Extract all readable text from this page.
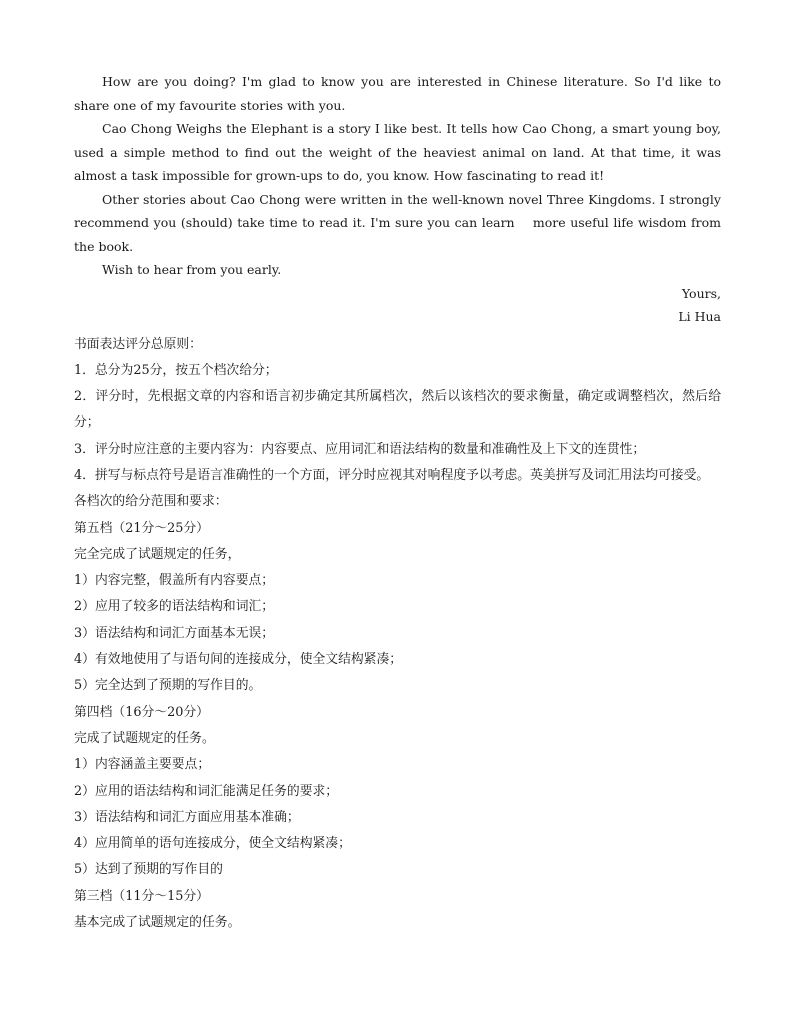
How are you doing? I'm glad to know you are interested in Chinese literature. So I'd like to share one of my favourite stories with you.

Cao Chong Weighs the Elephant is a story I like best. It tells how Cao Chong, a smart young boy, used a simple method to find out the weight of the heaviest animal on land. At that time, it was almost a task impossible for grown-ups to do, you know. How fascinating to read it!

Other stories about Cao Chong were written in the well-known novel Three Kingdoms. I strongly recommend you (should) take time to read it. I'm sure you can learn    more useful life wisdom from the book.

Wish to hear from you early.

Yours,

Li Hua

书面表达评分总原则：

1．总分为25分，按五个档次给分；

2．评分时，先根据文章的内容和语言初步确定其所属档次，然后以该档次的要求衡量，确定或调整档次，然后给分；

3．评分时应注意的主要内容为：内容要点、应用词汇和语法结构的数量和准确性及上下文的连贯性；

4．拼写与标点符号是语言准确性的一个方面，评分时应视其对响程度予以考虑。英美拼写及词汇用法均可接受。

各档次的给分范围和要求：

第五档（21分～25分）

完全完成了试题规定的任务，

1）内容完整，假盖所有内容要点；

2）应用了较多的语法结构和词汇；

3）语法结构和词汇方面基本无误；

4）有效地使用了与语句间的连接成分，使全文结构紧凑；

5）完全达到了预期的写作目的。

第四档（16分～20分）

完成了试题规定的任务。

1）内容涵盖主要要点；

2）应用的语法结构和词汇能满足任务的要求；

3）语法结构和词汇方面应用基本准确；

4）应用简单的语句连接成分，使全文结构紧凑；

5）达到了预期的写作目的

第三档（11分～15分）

基本完成了试题规定的任务。
